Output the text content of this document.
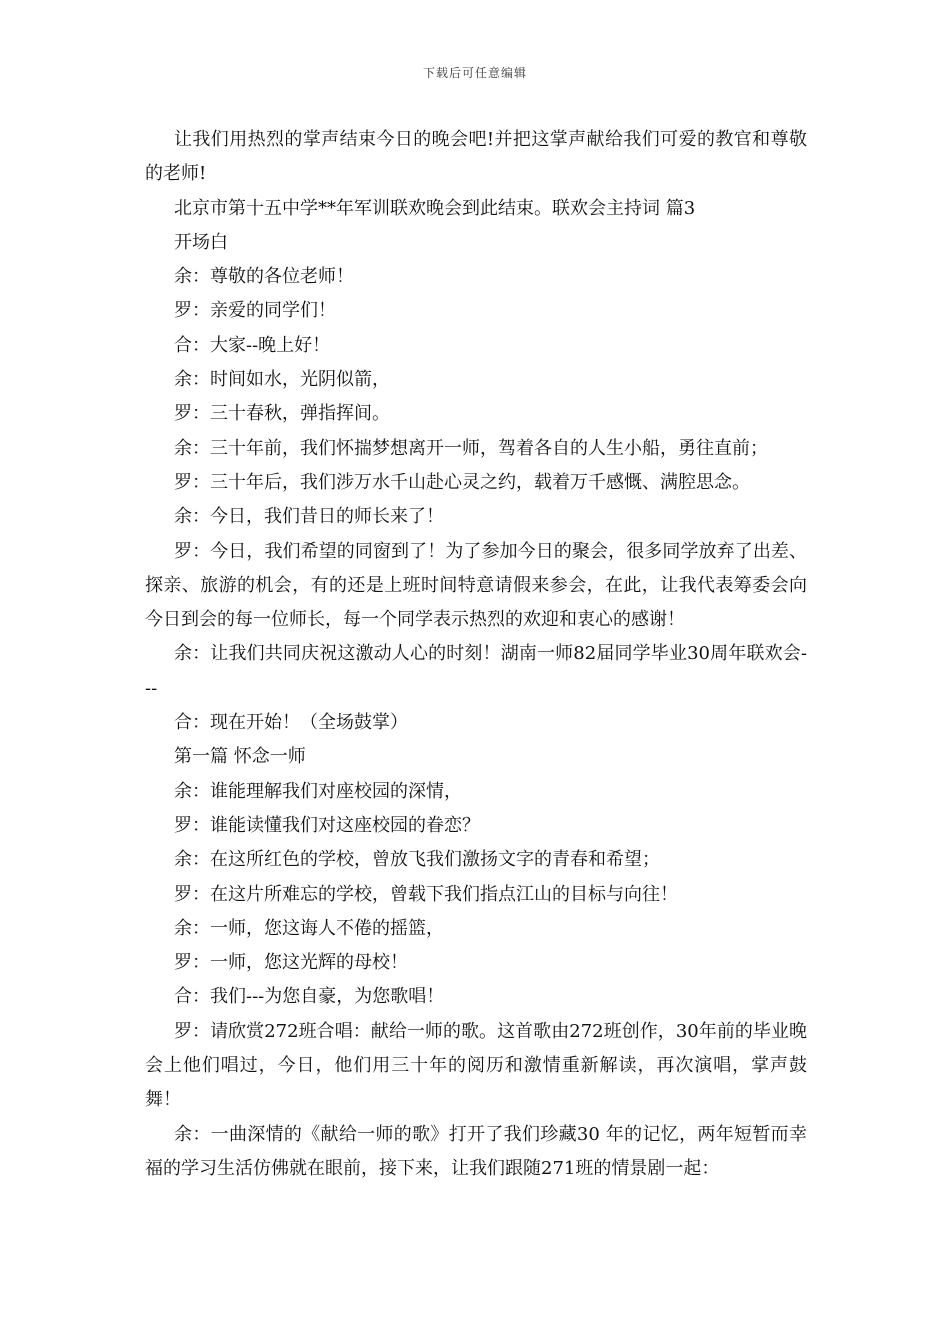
下载后可任意编辑

让我们用热烈的掌声结束今日的晚会吧!并把这掌声献给我们可爱的教官和尊敬的老师!

北京市第十五中学**年军训联欢晚会到此结束。联欢会主持词 篇3

开场白

余：尊敬的各位老师！

罗：亲爱的同学们！

合：大家--晚上好！

余：时间如水，光阴似箭，

罗：三十春秋，弹指挥间。

余：三十年前，我们怀揣梦想离开一师，驾着各自的人生小船，勇往直前；

罗：三十年后，我们涉万水千山赴心灵之约，载着万千感慨、满腔思念。

余：今日，我们昔日的师长来了！

罗：今日，我们希望的同窗到了！为了参加今日的聚会，很多同学放弃了出差、探亲、旅游的机会，有的还是上班时间特意请假来参会，在此，让我代表筹委会向今日到会的每一位师长，每一个同学表示热烈的欢迎和衷心的感谢！

余：让我们共同庆祝这激动人心的时刻！湖南一师82届同学毕业30周年联欢会---

合：现在开始！（全场鼓掌）

第一篇 怀念一师

余：谁能理解我们对座校园的深情，

罗：谁能读懂我们对这座校园的眷恋？

余：在这所红色的学校，曾放飞我们激扬文字的青春和希望；

罗：在这片所难忘的学校，曾载下我们指点江山的目标与向往！

余：一师，您这诲人不倦的摇篮，

罗：一师，您这光辉的母校！

合：我们---为您自豪，为您歌唱！

罗：请欣赏272班合唱：献给一师的歌。这首歌由272班创作，30年前的毕业晚会上他们唱过，今日，他们用三十年的阅历和激情重新解读，再次演唱，掌声鼓舞！

余：一曲深情的《献给一师的歌》打开了我们珍藏30 年的记忆，两年短暂而幸福的学习生活仿佛就在眼前，接下来，让我们跟随271班的情景剧一起：
